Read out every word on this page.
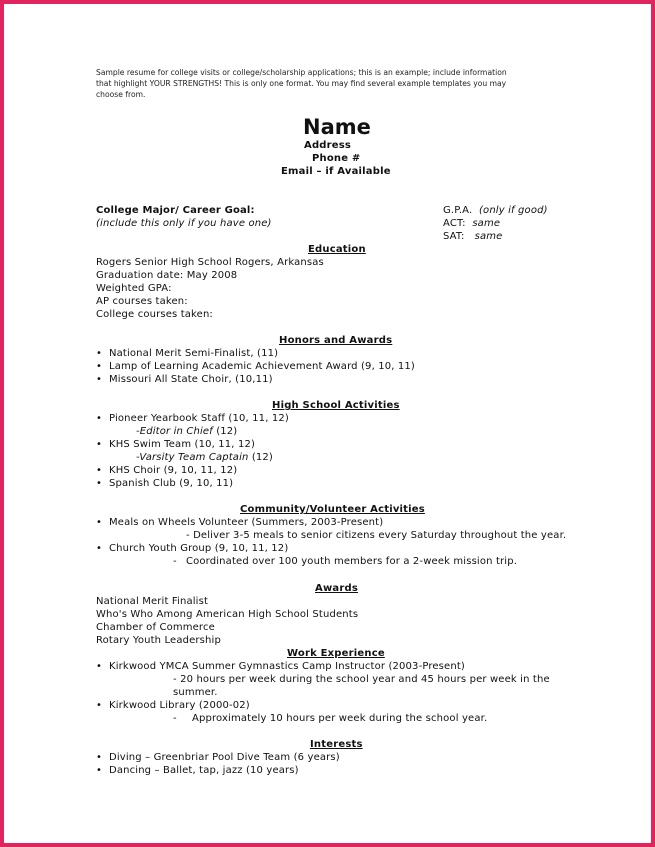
Sample resume for college visits or college/scholarship applications; this is an example; include information
that highlight YOUR STRENGTHS! This is only one format. You may find several example templates you may
choose from.
Name
Address
Phone #
Email – if Available
College Major/ Career Goal:
(include this only if you have one)
G.P.A. (only if good)
ACT: same
SAT: same
Education
Rogers Senior High School Rogers, Arkansas
Graduation date: May 2008
Weighted GPA:
AP courses taken:
College courses taken:
Honors and Awards
• National Merit Semi-Finalist, (11)
• Lamp of Learning Academic Achievement Award (9, 10, 11)
• Missouri All State Choir, (10,11)
High School Activities
• Pioneer Yearbook Staff (10, 11, 12)
-Editor in Chief (12)
• KHS Swim Team (10, 11, 12)
-Varsity Team Captain (12)
• KHS Choir (9, 10, 11, 12)
• Spanish Club (9, 10, 11)
Community/Volunteer Activities
• Meals on Wheels Volunteer (Summers, 2003-Present)
- Deliver 3-5 meals to senior citizens every Saturday throughout the year.
• Church Youth Group (9, 10, 11, 12)
- Coordinated over 100 youth members for a 2-week mission trip.
Awards
National Merit Finalist
Who's Who Among American High School Students
Chamber of Commerce
Rotary Youth Leadership
Work Experience
• Kirkwood YMCA Summer Gymnastics Camp Instructor (2003-Present)
- 20 hours per week during the school year and 45 hours per week in the
summer.
• Kirkwood Library (2000-02)
- Approximately 10 hours per week during the school year.
Interests
• Diving – Greenbriar Pool Dive Team (6 years)
• Dancing – Ballet, tap, jazz (10 years)
